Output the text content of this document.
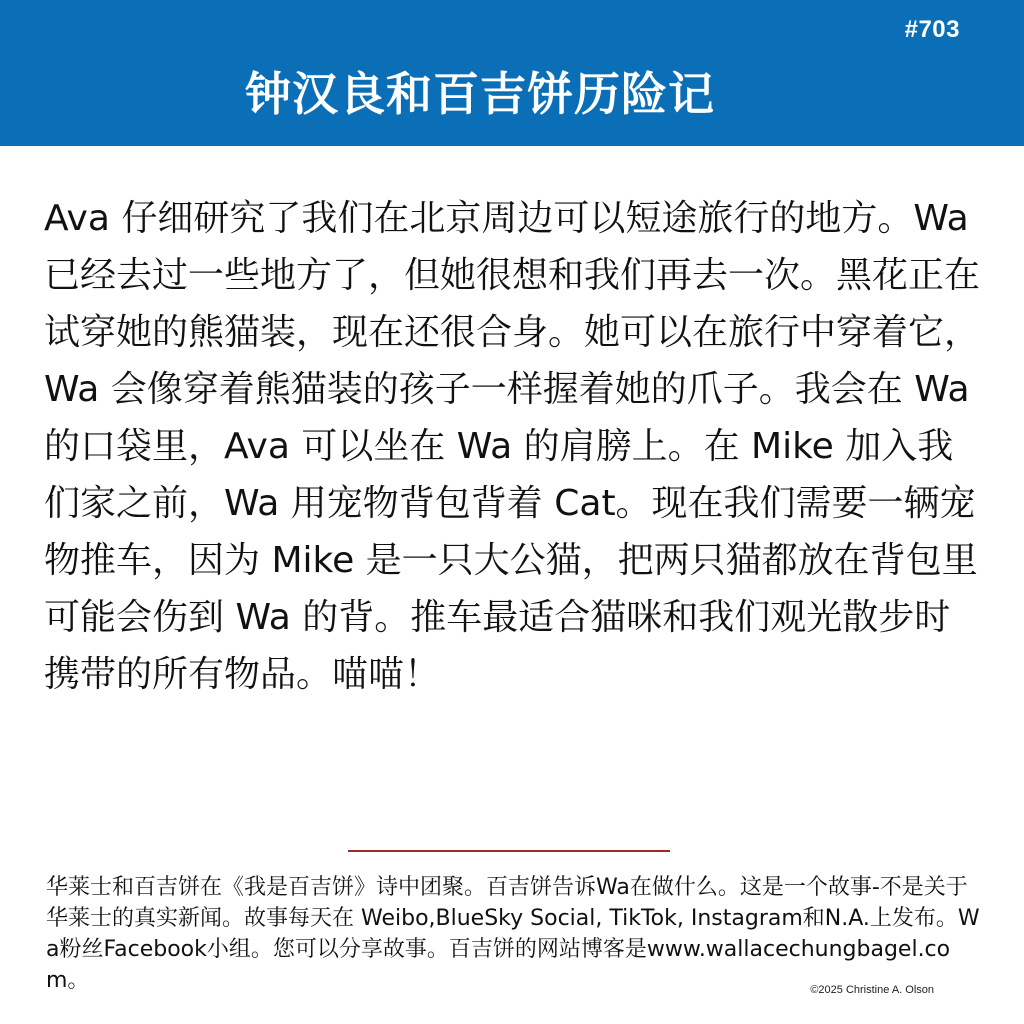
#703
钟汉良和百吉饼历险记

Ava 仔细研究了我们在北京周边可以短途旅行的地方。Wa 已经去过一些地方了，但她很想和我们再去一次。黑花正在试穿她的熊猫装，现在还很合身。她可以在旅行中穿着它，Wa 会像穿着熊猫装的孩子一样握着她的爪子。我会在 Wa 的口袋里，Ava 可以坐在 Wa 的肩膀上。在 Mike 加入我们家之前，Wa 用宠物背包背着 Cat。现在我们需要一辆宠物推车，因为 Mike 是一只大公猫，把两只猫都放在背包里可能会伤到 Wa 的背。推车最适合猫咪和我们观光散步时携带的所有物品。喵喵！

华莱士和百吉饼在《我是百吉饼》诗中团聚。百吉饼告诉Wa在做什么。这是一个故事-不是关于华莱士的真实新闻。故事每天在 Weibo,BlueSky Social, TikTok, Instagram和N.A.上发布。Wa粉丝Facebook小组。您可以分享故事。百吉饼的网站博客是www.wallacechungbagel.com。	©2025 Christine A. Olson
